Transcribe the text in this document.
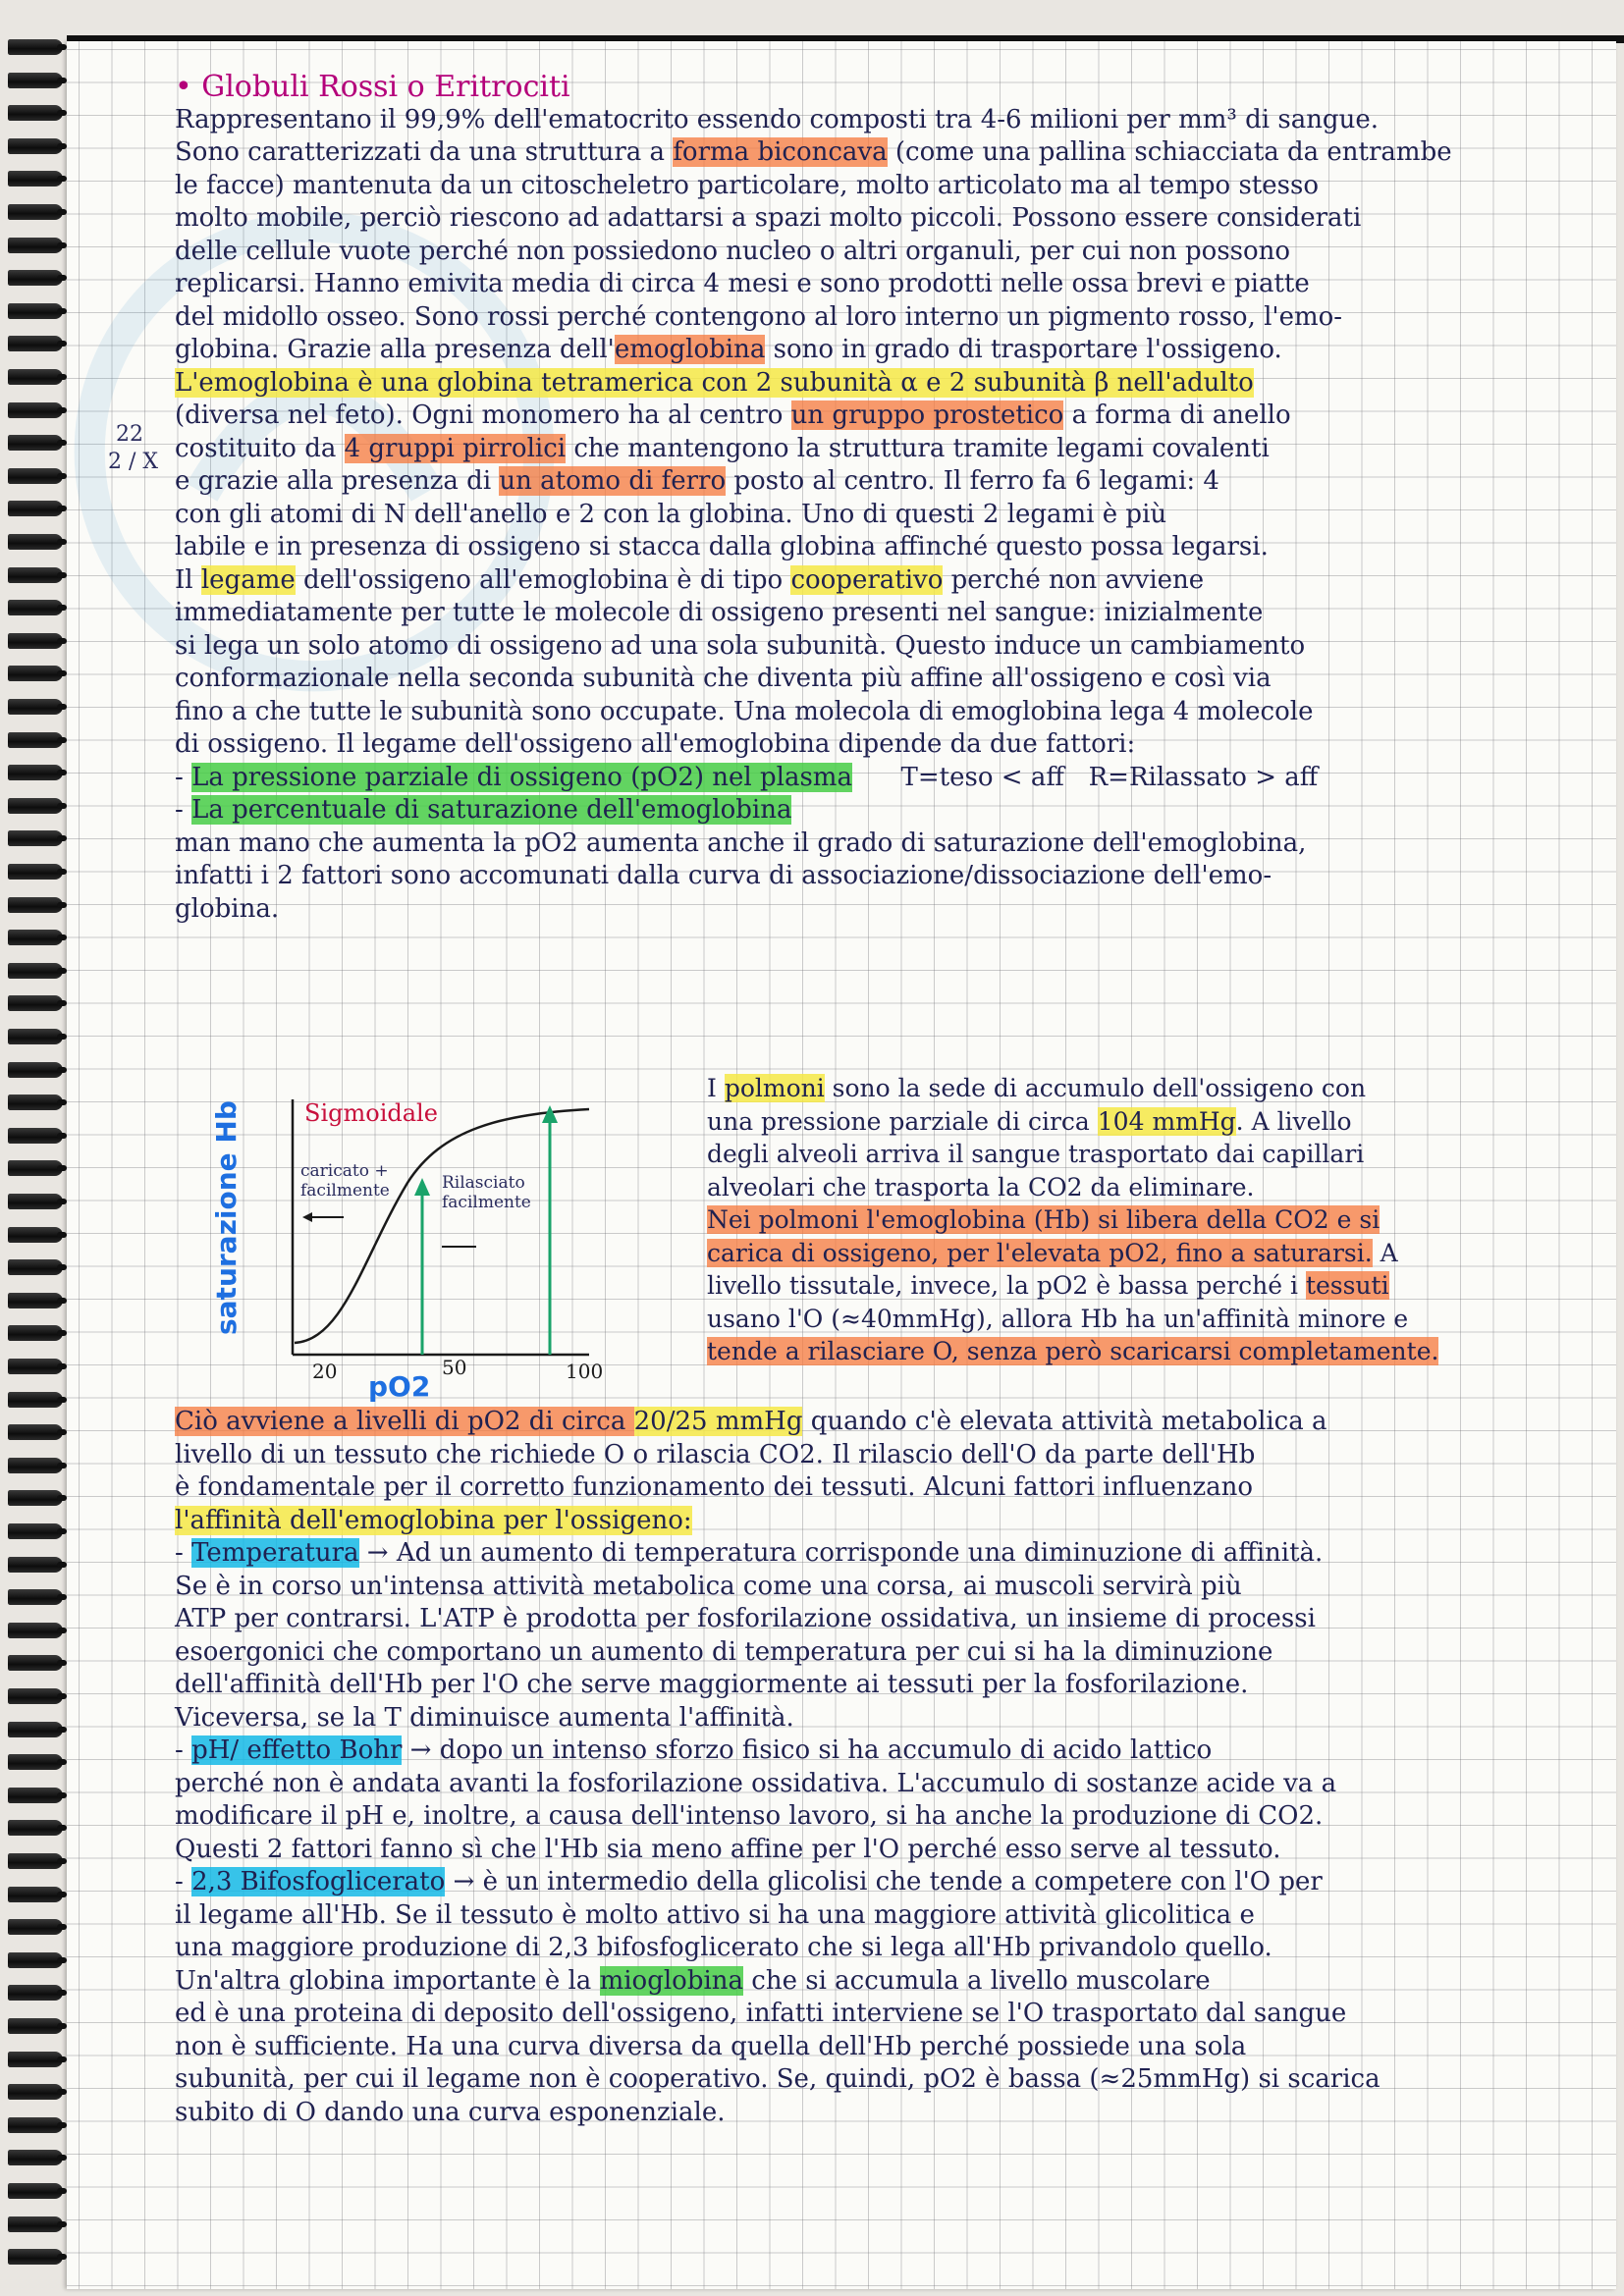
22
2 / X

• Globuli Rossi o Eritrociti

Rappresentano il 99,9% dell'ematocrito essendo composti tra 4-6 milioni per mm³ di sangue.

Sono caratterizzati da una struttura a forma biconcava (come una pallina schiacciata da entrambe

le facce) mantenuta da un citoscheletro particolare, molto articolato ma al tempo stesso

molto mobile, perciò riescono ad adattarsi a spazi molto piccoli. Possono essere considerati

delle cellule vuote perché non possiedono nucleo o altri organuli, per cui non possono

replicarsi. Hanno emivita media di circa 4 mesi e sono prodotti nelle ossa brevi e piatte

del midollo osseo. Sono rossi perché contengono al loro interno un pigmento rosso, l'emo-

globina. Grazie alla presenza dell'emoglobina sono in grado di trasportare l'ossigeno.

L'emoglobina è una globina tetramerica con 2 subunità α e 2 subunità β nell'adulto

(diversa nel feto). Ogni monomero ha al centro un gruppo prostetico a forma di anello

costituito da 4 gruppi pirrolici che mantengono la struttura tramite legami covalenti

e grazie alla presenza di un atomo di ferro posto al centro. Il ferro fa 6 legami: 4

con gli atomi di N dell'anello e 2 con la globina. Uno di questi 2 legami è più

labile e in presenza di ossigeno si stacca dalla globina affinché questo possa legarsi.

Il legame dell'ossigeno all'emoglobina è di tipo cooperativo perché non avviene

immediatamente per tutte le molecole di ossigeno presenti nel sangue: inizialmente

si lega un solo atomo di ossigeno ad una sola subunità. Questo induce un cambiamento

conformazionale nella seconda subunità che diventa più affine all'ossigeno e così via

fino a che tutte le subunità sono occupate. Una molecola di emoglobina lega 4 molecole

di ossigeno. Il legame dell'ossigeno all'emoglobina dipende da due fattori:

- La pressione parziale di ossigeno (pO2) nel plasma      T=teso < aff   R=Rilassato > aff

- La percentuale di saturazione dell'emoglobina

man mano che aumenta la pO2 aumenta anche il grado di saturazione dell'emoglobina,

infatti i 2 fattori sono accomunati dalla curva di associazione/dissociazione dell'emo-

globina.

Sigmoidale
caricato + facilmente	Rilasciato facilmente
saturazione Hb
pO2
20	50	100

I polmoni sono la sede di accumulo dell'ossigeno con

una pressione parziale di circa 104 mmHg. A livello

degli alveoli arriva il sangue trasportato dai capillari

alveolari che trasporta la CO2 da eliminare.

Nei polmoni l'emoglobina (Hb) si libera della CO2 e si

carica di ossigeno, per l'elevata pO2, fino a saturarsi. A

livello tissutale, invece, la pO2 è bassa perché i tessuti

usano l'O (≈40mmHg), allora Hb ha un'affinità minore e

tende a rilasciare O, senza però scaricarsi completamente.

Ciò avviene a livelli di pO2 di circa 20/25 mmHg quando c'è elevata attività metabolica a

livello di un tessuto che richiede O o rilascia CO2. Il rilascio dell'O da parte dell'Hb

è fondamentale per il corretto funzionamento dei tessuti. Alcuni fattori influenzano

l'affinità dell'emoglobina per l'ossigeno:

- Temperatura → Ad un aumento di temperatura corrisponde una diminuzione di affinità.

Se è in corso un'intensa attività metabolica come una corsa, ai muscoli servirà più

ATP per contrarsi. L'ATP è prodotta per fosforilazione ossidativa, un insieme di processi

esoergonici che comportano un aumento di temperatura per cui si ha la diminuzione

dell'affinità dell'Hb per l'O che serve maggiormente ai tessuti per la fosforilazione.

Viceversa, se la T diminuisce aumenta l'affinità.

- pH/ effetto Bohr → dopo un intenso sforzo fisico si ha accumulo di acido lattico

perché non è andata avanti la fosforilazione ossidativa. L'accumulo di sostanze acide va a

modificare il pH e, inoltre, a causa dell'intenso lavoro, si ha anche la produzione di CO2.

Questi 2 fattori fanno sì che l'Hb sia meno affine per l'O perché esso serve al tessuto.

- 2,3 Bifosfoglicerato → è un intermedio della glicolisi che tende a competere con l'O per

il legame all'Hb. Se il tessuto è molto attivo si ha una maggiore attività glicolitica e

una maggiore produzione di 2,3 bifosfoglicerato che si lega all'Hb privandolo quello.

Un'altra globina importante è la mioglobina che si accumula a livello muscolare

ed è una proteina di deposito dell'ossigeno, infatti interviene se l'O trasportato dal sangue

non è sufficiente. Ha una curva diversa da quella dell'Hb perché possiede una sola

subunità, per cui il legame non è cooperativo. Se, quindi, pO2 è bassa (≈25mmHg) si scarica

subito di O dando una curva esponenziale.
